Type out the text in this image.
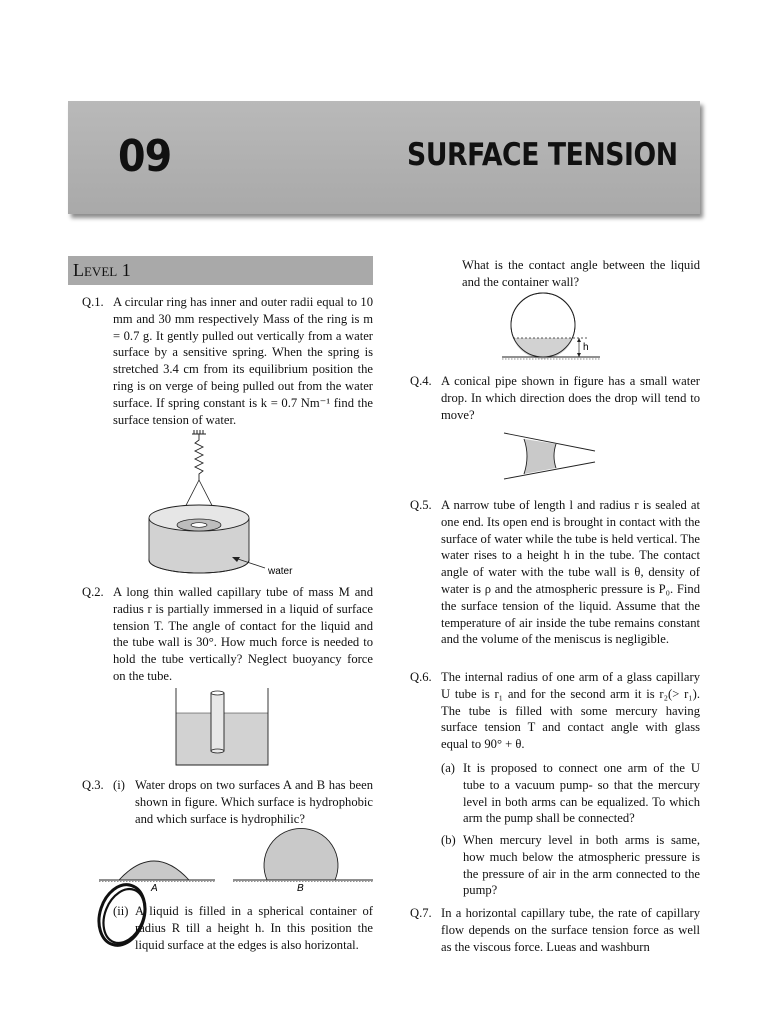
09	SURFACE TENSION
Level 1
Q.1. A circular ring has inner and outer radii equal to 10 mm and 30 mm respectively Mass of the ring is m = 0.7 g. It gently pulled out vertically from a water surface by a sensitive spring. When the spring is stretched 3.4 cm from its equilibrium position the ring is on verge of being pulled out from the water surface. If spring constant is k = 0.7 Nm⁻¹ find the surface tension of water.
water
Q.2. A long thin walled capillary tube of mass M and radius r is partially immersed in a liquid of surface tension T. The angle of contact for the liquid and the tube wall is 30°. How much force is needed to hold the tube vertically? Neglect buoyancy force on the tube.
Q.3. (i) Water drops on two surfaces A and B has been shown in figure. Which surface is hydrophobic and which surface is hydrophilic?
A	B
(ii) A liquid is filled in a spherical container of radius R till a height h. In this position the liquid surface at the edges is also horizontal.
What is the contact angle between the liquid and the container wall?
h
Q.4. A conical pipe shown in figure has a small water drop. In which direction does the drop will tend to move?
Q.5. A narrow tube of length l and radius r is sealed at one end. Its open end is brought in contact with the surface of water while the tube is held vertical. The water rises to a height h in the tube. The contact angle of water with the tube wall is θ, density of water is ρ and the atmospheric pressure is P₀. Find the surface tension of the liquid. Assume that the temperature of air inside the tube remains constant and the volume of the meniscus is negligible.
Q.6. The internal radius of one arm of a glass capillary U tube is r₁ and for the second arm it is r₂(> r₁). The tube is filled with some mercury having surface tension T and contact angle with glass equal to 90° + θ.
(a) It is proposed to connect one arm of the U tube to a vacuum pump- so that the mercury level in both arms can be equalized. To which arm the pump shall be connected?
(b) When mercury level in both arms is same, how much below the atmospheric pressure is the pressure of air in the arm connected to the pump?
Q.7. In a horizontal capillary tube, the rate of capillary flow depends on the surface tension force as well as the viscous force. Lueas and washburn
